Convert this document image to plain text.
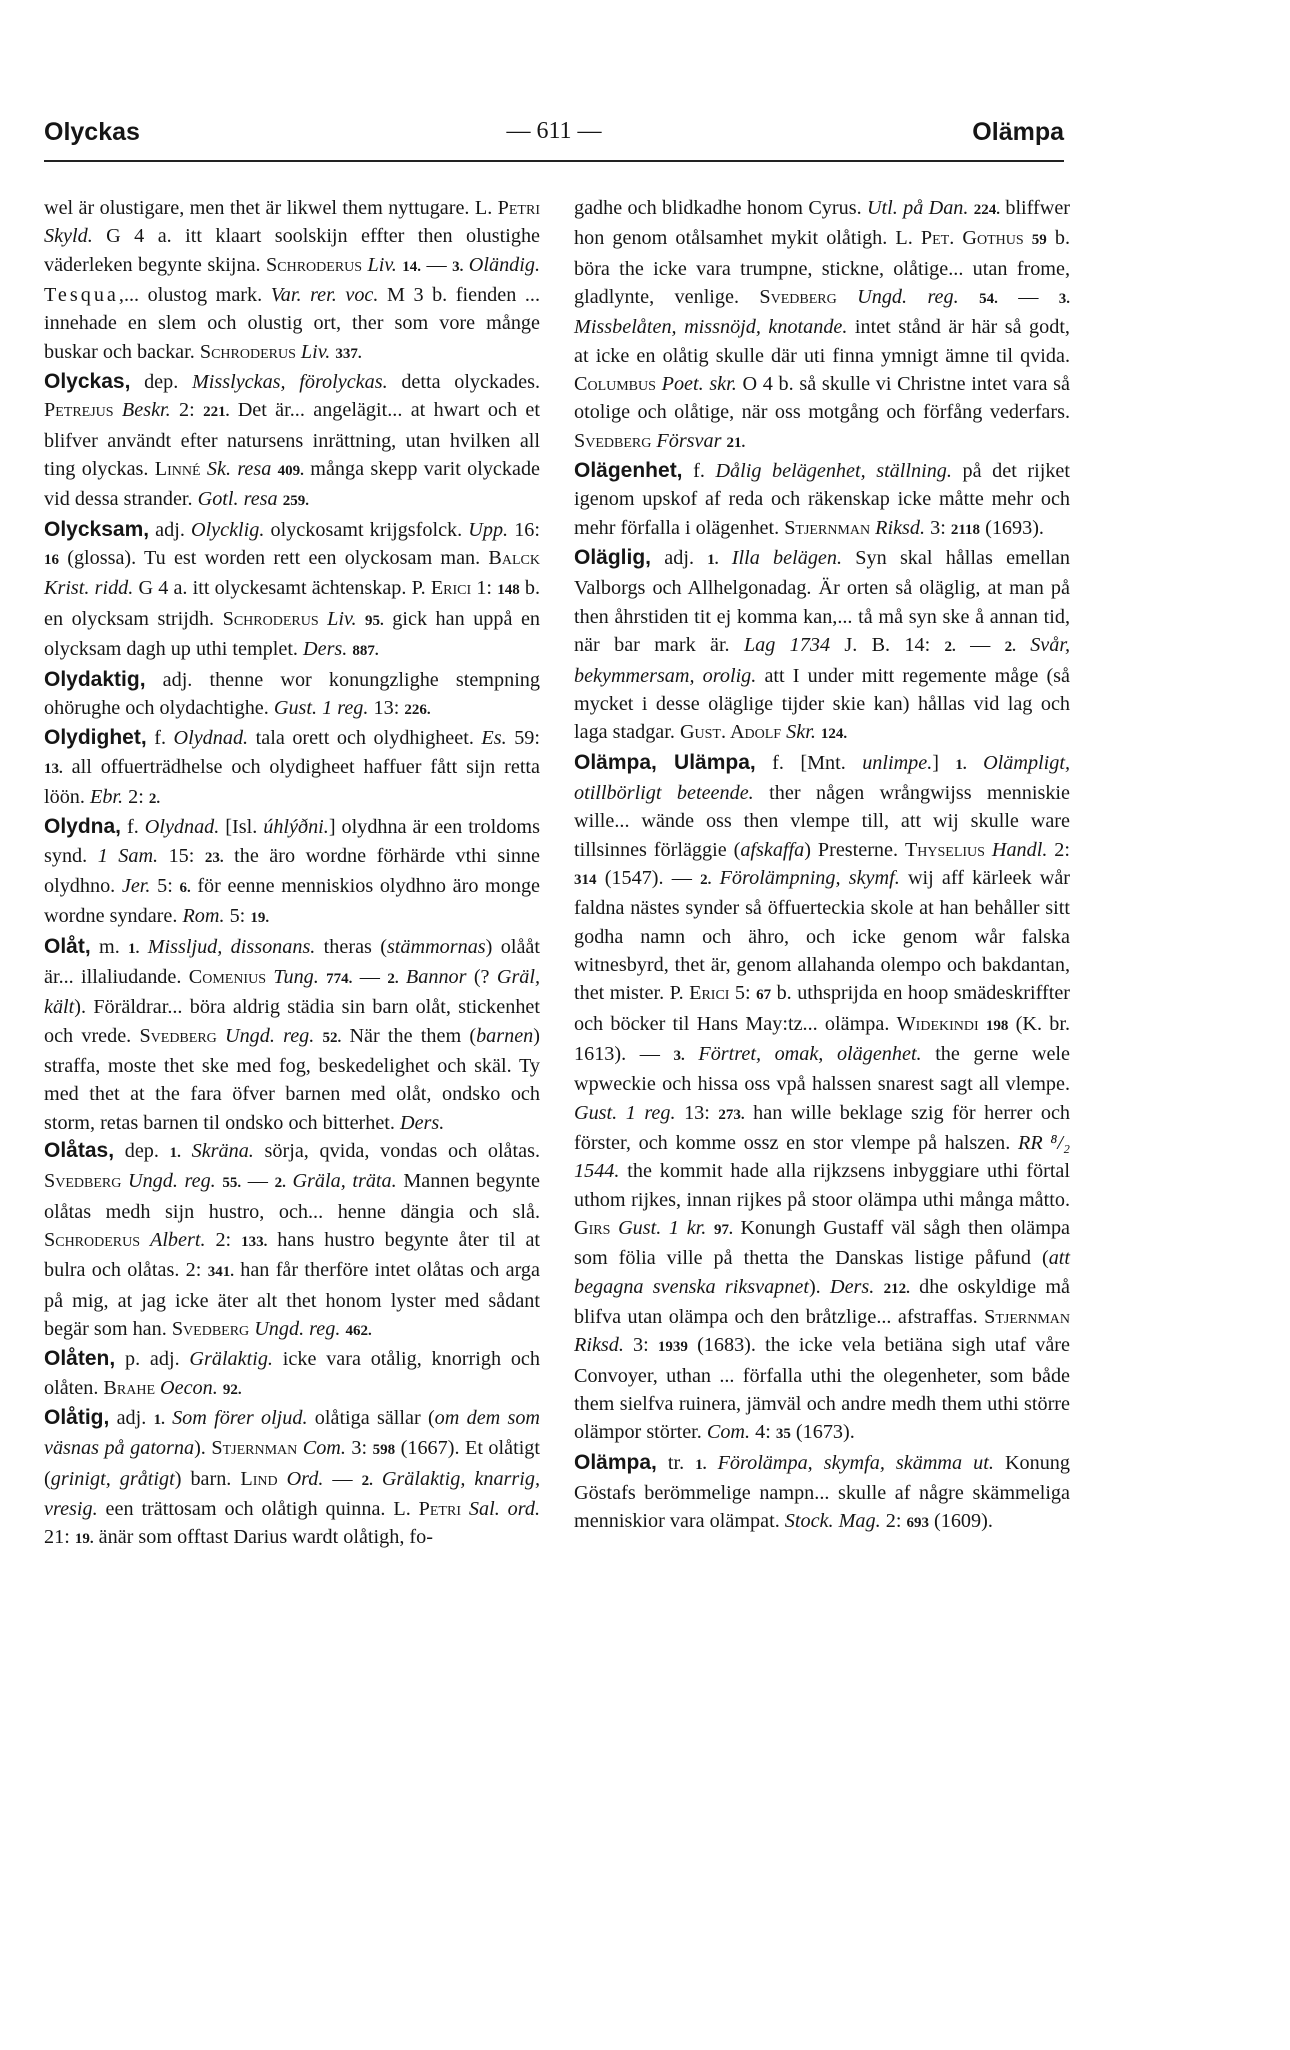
Olyckas	— 611 —	Olämpa

wel är olustigare, men thet är likwel them nyttugare. L. Petri Skyld. G 4 a. itt klaart soolskijn effter then olustighe väderleken begynte skijna. Schroderus Liv. 14. — 3. Oländig. Tesqua,... olustog mark. Var. rer. voc. M 3 b. fienden ... innehade en slem och olustig ort, ther som vore månge buskar och backar. Schroderus Liv. 337.

Olyckas, dep. Misslyckas, förolyckas. detta olyckades. Petrejus Beskr. 2: 221. Det är... angelägit... at hwart och et blifver användt efter natursens inrättning, utan hvilken all ting olyckas. Linné Sk. resa 409. många skepp varit olyckade vid dessa strander. Gotl. resa 259.

Olycksam, adj. Olycklig. olyckosamt krijgsfolck. Upp. 16: 16 (glossa). Tu est worden rett een olyckosam man. Balck Krist. ridd. G 4 a. itt olyckesamt ächtenskap. P. Erici 1: 148 b. en olycksam strijdh. Schroderus Liv. 95. gick han uppå en olycksam dagh up uthi templet. Ders. 887.

Olydaktig, adj. thenne wor konungzlighe stempning ohörughe och olydachtighe. Gust. 1 reg. 13: 226.

Olydighet, f. Olydnad. tala orett och olydhigheet. Es. 59: 13. all offuerträdhelse och olydigheet haffuer fått sijn retta löön. Ebr. 2: 2.

Olydna, f. Olydnad. [Isl. úhlýðni.] olydhna är een troldoms synd. 1 Sam. 15: 23. the äro wordne förhärde vthi sinne olydhno. Jer. 5: 6. för eenne menniskios olydhno äro monge wordne syndare. Rom. 5: 19.

Olåt, m. 1. Missljud, dissonans. theras (stämmornas) olååt är... illaliudande. Comenius Tung. 774. — 2. Bannor (? Gräl, kält). Föräldrar... böra aldrig städia sin barn olåt, stickenhet och vrede. Svedberg Ungd. reg. 52. När the them (barnen) straffa, moste thet ske med fog, beskedelighet och skäl. Ty med thet at the fara öfver barnen med olåt, ondsko och storm, retas barnen til ondsko och bitterhet. Ders.

Olåtas, dep. 1. Skräna. sörja, qvida, vondas och olåtas. Svedberg Ungd. reg. 55. — 2. Gräla, träta. Mannen begynte olåtas medh sijn hustro, och... henne dängia och slå. Schroderus Albert. 2: 133. hans hustro begynte åter til at bulra och olåtas. 2: 341. han får therföre intet olåtas och arga på mig, at jag icke äter alt thet honom lyster med sådant begär som han. Svedberg Ungd. reg. 462.

Olåten, p. adj. Grälaktig. icke vara otålig, knorrigh och olåten. Brahe Oecon. 92.

Olåtig, adj. 1. Som förer oljud. olåtiga sällar (om dem som väsnas på gatorna). Stjernman Com. 3: 598 (1667). Et olåtigt (grinigt, gråtigt) barn. Lind Ord. — 2. Grälaktig, knarrig, vresig. een trättosam och olåtigh quinna. L. Petri Sal. ord. 21: 19. änär som offtast Darius wardt olåtigh, fo-

gadhe och blidkadhe honom Cyrus. Utl. på Dan. 224. bliffwer hon genom otålsamhet mykit olåtigh. L. Pet. Gothus 59 b. böra the icke vara trumpne, stickne, olåtige... utan frome, gladlynte, venlige. Svedberg Ungd. reg. 54. — 3. Missbelåten, missnöjd, knotande. intet stånd är här så godt, at icke en olåtig skulle där uti finna ymnigt ämne til qvida. Columbus Poet. skr. O 4 b. så skulle vi Christne intet vara så otolige och olåtige, när oss motgång och förfång vederfars. Svedberg Försvar 21.

Olägenhet, f. Dålig belägenhet, ställning. på det rijket igenom upskof af reda och räkenskap icke måtte mehr och mehr förfalla i olägenhet. Stjernman Riksd. 3: 2118 (1693).

Oläglig, adj. 1. Illa belägen. Syn skal hållas emellan Valborgs och Allhelgonadag. Är orten så oläglig, at man på then åhrstiden tit ej komma kan,... tå må syn ske å annan tid, när bar mark är. Lag 1734 J. B. 14: 2. — 2. Svår, bekymmersam, orolig. att I under mitt regemente måge (så mycket i desse oläglige tijder skie kan) hållas vid lag och laga stadgar. Gust. Adolf Skr. 124.

Olämpa, Ulämpa, f. [Mnt. unlimpe.] 1. Olämpligt, otillbörligt beteende. ther någen wrångwijss menniskie wille... wände oss then vlempe till, att wij skulle ware tillsinnes förläggie (afskaffa) Presterne. Thyselius Handl. 2: 314 (1547). — 2. Förolämpning, skymf. wij aff kärleek wår faldna nästes synder så öffuerteckia skole at han behåller sitt godha namn och ähro, och icke genom wår falska witnesbyrd, thet är, genom allahanda olempo och bakdantan, thet mister. P. Erici 5: 67 b. uthsprijda en hoop smädeskriffter och böcker til Hans May:tz... olämpa. Widekindi 198 (K. br. 1613). — 3. Förtret, omak, olägenhet. the gerne wele wpweckie och hissa oss vpå halssen snarest sagt all vlempe. Gust. 1 reg. 13: 273. han wille beklage szig för herrer och förster, och komme ossz en stor vlempe på halszen. RR ⁸/₂ 1544. the kommit hade alla rijkzsens inbyggiare uthi förtal uthom rijkes, innan rijkes på stoor olämpa uthi många måtto. Girs Gust. 1 kr. 97. Konungh Gustaff väl sågh then olämpa som fölia ville på thetta the Danskas listige påfund (att begagna svenska riksvapnet). Ders. 212. dhe oskyldige må blifva utan olämpa och den bråtzlige... afstraffas. Stjernman Riksd. 3: 1939 (1683). the icke vela betiäna sigh utaf våre Convoyer, uthan ... förfalla uthi the olegenheter, som både them sielfva ruinera, jämväl och andre medh them uthi större olämpor störter. Com. 4: 35 (1673).

Olämpa, tr. 1. Förolämpa, skymfa, skämma ut. Konung Göstafs berömmelige nampn... skulle af någre skämmeliga menniskior vara olämpat. Stock. Mag. 2: 693 (1609).
